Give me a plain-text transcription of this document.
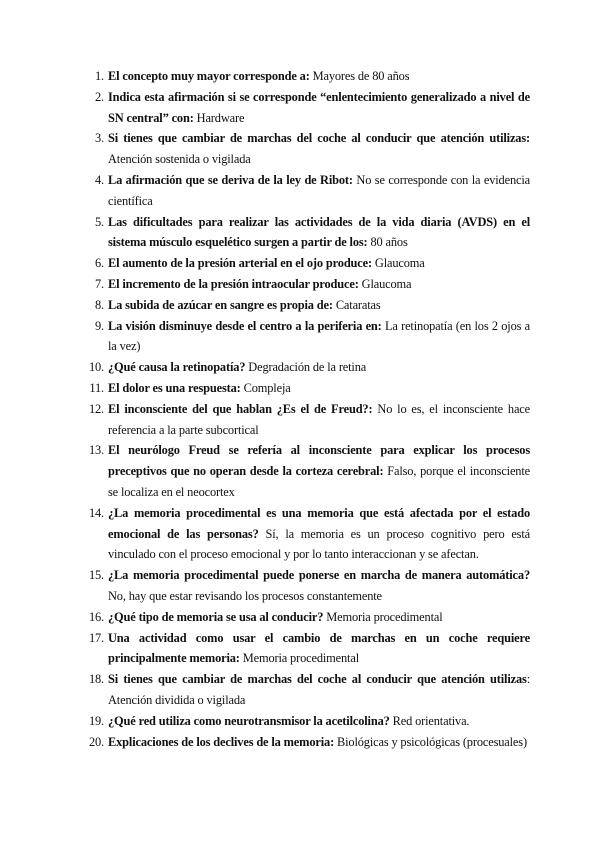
1. El concepto muy mayor corresponde a: Mayores de 80 años
2. Indica esta afirmación si se corresponde “enlentecimiento generalizado a nivel de SN central” con: Hardware
3. Si tienes que cambiar de marchas del coche al conducir que atención utilizas: Atención sostenida o vigilada
4. La afirmación que se deriva de la ley de Ribot: No se corresponde con la evidencia científica
5. Las dificultades para realizar las actividades de la vida diaria (AVDS) en el sistema músculo esquelético surgen a partir de los: 80 años
6. El aumento de la presión arterial en el ojo produce: Glaucoma
7. El incremento de la presión intraocular produce: Glaucoma
8. La subida de azúcar en sangre es propia de: Cataratas
9. La visión disminuye desde el centro a la periferia en: La retinopatía (en los 2 ojos a la vez)
10. ¿Qué causa la retinopatía? Degradación de la retina
11. El dolor es una respuesta: Compleja
12. El inconsciente del que hablan ¿Es el de Freud?: No lo es, el inconsciente hace referencia a la parte subcortical
13. El neurólogo Freud se refería al inconsciente para explicar los procesos preceptivos que no operan desde la corteza cerebral: Falso, porque el inconsciente se localiza en el neocortex
14. ¿La memoria procedimental es una memoria que está afectada por el estado emocional de las personas? Sí, la memoria es un proceso cognitivo pero está vinculado con el proceso emocional y por lo tanto interaccionan y se afectan.
15. ¿La memoria procedimental puede ponerse en marcha de manera automática? No, hay que estar revisando los procesos constantemente
16. ¿Qué tipo de memoria se usa al conducir? Memoria procedimental
17. Una actividad como usar el cambio de marchas en un coche requiere principalmente memoria: Memoria procedimental
18. Si tienes que cambiar de marchas del coche al conducir que atención utilizas: Atención dividida o vigilada
19. ¿Qué red utiliza como neurotransmisor la acetilcolina? Red orientativa.
20. Explicaciones de los declives de la memoria: Biológicas y psicológicas (procesuales)
